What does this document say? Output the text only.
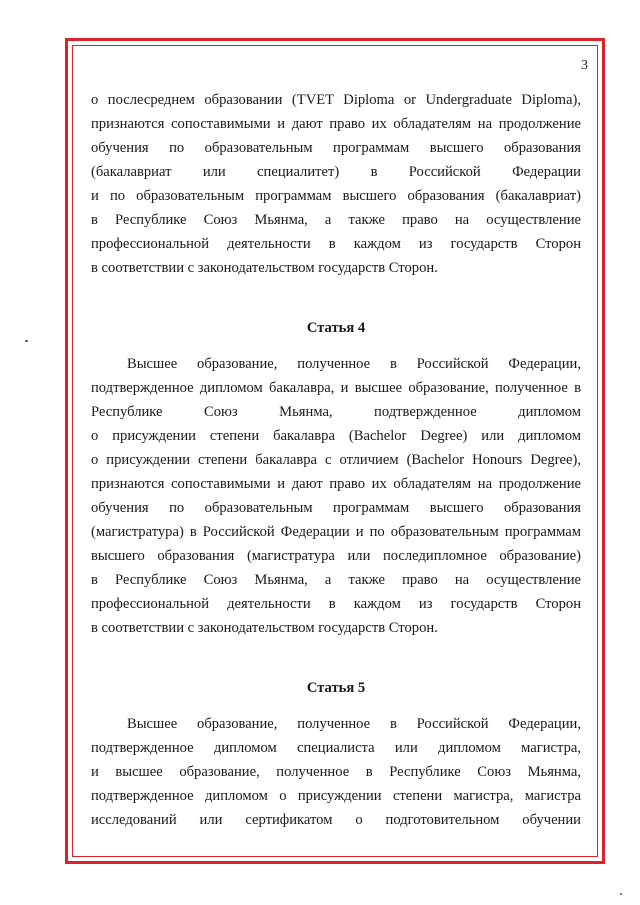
3
о послесреднем образовании (TVET Diploma or Undergraduate Diploma),
признаются сопоставимыми и дают право их обладателям на продолжение
обучения по образовательным программам высшего образования
(бакалавриат или специалитет) в Российской Федерации
и по образовательным программам высшего образования (бакалавриат)
в Республике Союз Мьянма, а также право на осуществление
профессиональной деятельности в каждом из государств Сторон
в соответствии с законодательством государств Сторон.
Статья 4
Высшее образование, полученное в Российской Федерации,
подтвержденное дипломом бакалавра, и высшее образование, полученное в
Республике Союз Мьянма, подтвержденное дипломом
о присуждении степени бакалавра (Bachelor Degree) или дипломом
о присуждении степени бакалавра с отличием (Bachelor Honours Degree),
признаются сопоставимыми и дают право их обладателям на продолжение
обучения по образовательным программам высшего образования
(магистратура) в Российской Федерации и по образовательным программам
высшего образования (магистратура или последипломное образование)
в Республике Союз Мьянма, а также право на осуществление
профессиональной деятельности в каждом из государств Сторон
в соответствии с законодательством государств Сторон.
Статья 5
Высшее образование, полученное в Российской Федерации,
подтвержденное дипломом специалиста или дипломом магистра,
и высшее образование, полученное в Республике Союз Мьянма,
подтвержденное дипломом о присуждении степени магистра, магистра
исследований или сертификатом о подготовительном обучении
